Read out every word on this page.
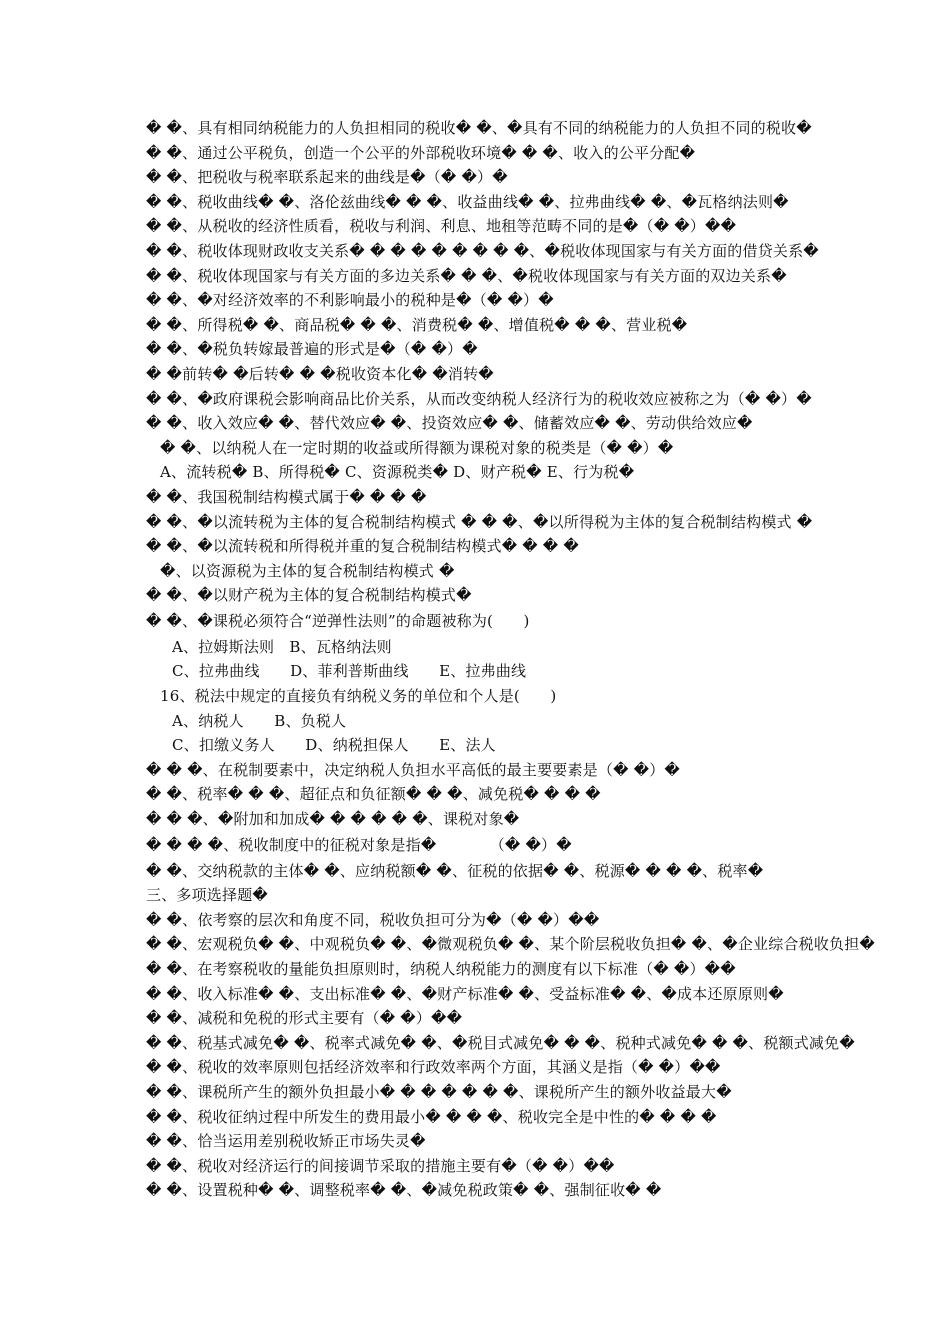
� �、具有相同纳税能力的人负担相同的税收� �、�具有不同的纳税能力的人负担不同的税收�
� �、通过公平税负，创造一个公平的外部税收环境� � �、收入的公平分配�
� �、把税收与税率联系起来的曲线是�（� �）�
� �、税收曲线� �、洛伦兹曲线� � �、收益曲线� �、拉弗曲线� �、�瓦格纳法则�
� �、从税收的经济性质看，税收与利润、利息、地租等范畴不同的是�（� �）��
� �、税收体现财政收支关系� � � � � � � � �、�税收体现国家与有关方面的借贷关系�
� �、税收体现国家与有关方面的多边关系� � �、�税收体现国家与有关方面的双边关系�
� �、�对经济效率的不利影响最小的税种是�（� �）�
� �、所得税� �、商品税� � �、消费税� �、增值税� � �、营业税�
� �、�税负转嫁最普遍的形式是�（� �）�
� �前转� �后转� � �税收资本化� �消转�
� �、�政府课税会影响商品比价关系，从而改变纳税人经济行为的税收效应被称之为（� �）�
� �、收入效应� �、替代效应� �、投资效应� �、储蓄效应� �、劳动供给效应�
� �、以纳税人在一定时期的收益或所得额为课税对象的税类是（� �）�
A、流转税� B、所得税� C、资源税类� D、财产税� E、行为税�
� �、我国税制结构模式属于� � � �
� �、�以流转税为主体的复合税制结构模式 � � �、�以所得税为主体的复合税制结构模式 �
� �、�以流转税和所得税并重的复合税制结构模式� � � �
�、以资源税为主体的复合税制结构模式 �
� �、�以财产税为主体的复合税制结构模式�
� �、�课税必须符合“逆弹性法则”的命题被称为(　　)
A、拉姆斯法则　B、瓦格纳法则
C、拉弗曲线　　D、菲利普斯曲线　　E、拉弗曲线
16、税法中规定的直接负有纳税义务的单位和个人是(　　)
A、纳税人　　B、负税人
C、扣缴义务人　　D、纳税担保人　　E、法人
� � �、在税制要素中，决定纳税人负担水平高低的最主要要素是（� �）�
� �、税率� � �、超征点和负征额� � �、减免税� � � �
� � �、�附加和加成� � � � � �、课税对象�
� � � �、税收制度中的征税对象是指�　　　　（� �）�
� �、交纳税款的主体� �、应纳税额� �、征税的依据� �、税源� � � �、税率�
三、多项选择题�
� �、依考察的层次和角度不同，税收负担可分为�（� �）��
� �、宏观税负� �、中观税负� �、�微观税负� �、某个阶层税收负担� �、�企业综合税收负担�
� �、在考察税收的量能负担原则时，纳税人纳税能力的测度有以下标准（� �）��
� �、收入标准� �、支出标准� �、�财产标准� �、受益标准� �、�成本还原原则�
� �、减税和免税的形式主要有（� �）��
� �、税基式减免� �、税率式减免� �、�税目式减免� � �、税种式减免� � �、税额式减免�
� �、税收的效率原则包括经济效率和行政效率两个方面，其涵义是指（� �）��
� �、课税所产生的额外负担最小� � � � � � �、课税所产生的额外收益最大�
� �、税收征纳过程中所发生的费用最小� � � �、税收完全是中性的� � � �
� �、恰当运用差别税收矫正市场失灵�
� �、税收对经济运行的间接调节采取的措施主要有�（� �）��
� �、设置税种� �、调整税率� �、�减免税政策� �、强制征收� �
